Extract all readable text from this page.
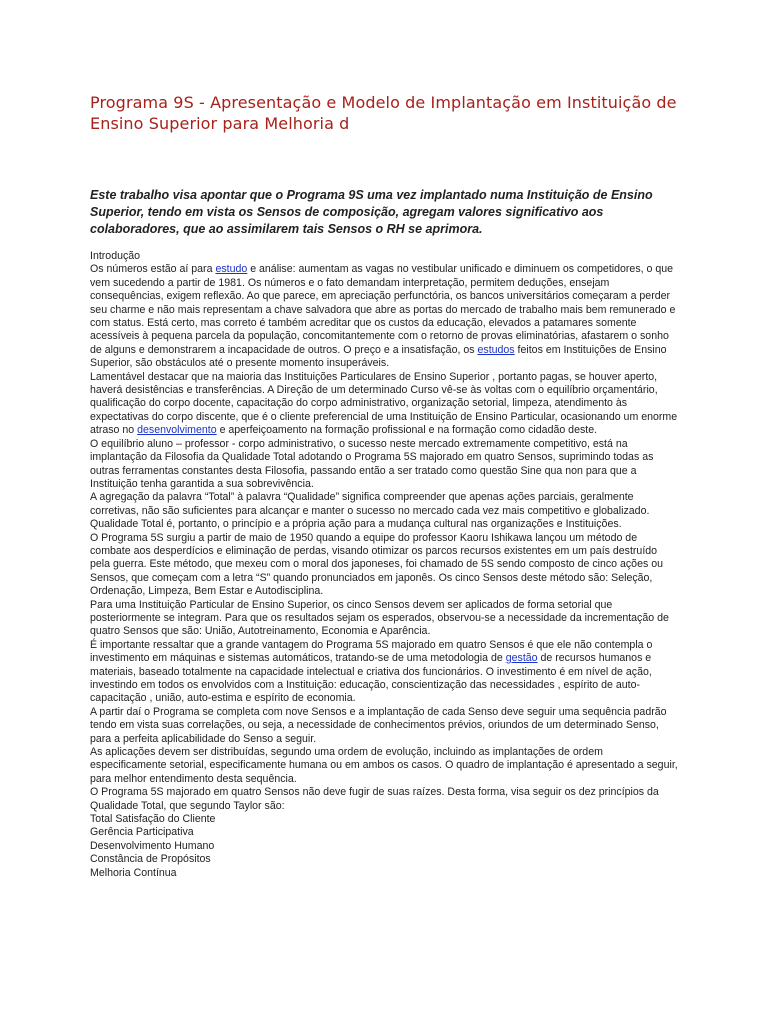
Programa 9S - Apresentação e Modelo de Implantação em Instituição de Ensino Superior para Melhoria d

Este trabalho visa apontar que o Programa 9S uma vez implantado numa Instituição de Ensino Superior, tendo em vista os Sensos de composição, agregam valores significativo aos colaboradores, que ao assimilarem tais Sensos o RH se aprimora.

Introdução

Os números estão aí para estudo e análise: aumentam as vagas no vestibular unificado e diminuem os competidores, o que vem sucedendo a partir de 1981. Os números e o fato demandam interpretação, permitem deduções, ensejam consequências, exigem reflexão. Ao que parece, em apreciação perfunctória, os bancos universitários começaram a perder seu charme e não mais representam a chave salvadora que abre as portas do mercado de trabalho mais bem remunerado e com status. Está certo, mas correto é também acreditar que os custos da educação, elevados a patamares somente acessíveis à pequena parcela da população, concomitantemente com o retorno de provas eliminatórias, afastarem o sonho de alguns e demonstrarem a incapacidade de outros. O preço e a insatisfação, os estudos feitos em Instituições de Ensino Superior, são obstáculos até o presente momento insuperáveis.

Lamentável destacar que na maioria das Instituições Particulares de Ensino Superior , portanto pagas, se houver aperto, haverá desistências e transferências. A Direção de um determinado Curso vê-se às voltas com o equilíbrio orçamentário, qualificação do corpo docente, capacitação do corpo administrativo, organização setorial, limpeza, atendimento às expectativas do corpo discente, que é o cliente preferencial de uma Instituição de Ensino Particular, ocasionando um enorme atraso no desenvolvimento e aperfeiçoamento na formação profissional e na formação como cidadão deste.

O equilíbrio aluno – professor - corpo administrativo, o sucesso neste mercado extremamente competitivo, está na implantação da Filosofia da Qualidade Total adotando o Programa 5S majorado em quatro Sensos, suprimindo todas as outras ferramentas constantes desta Filosofia, passando então a ser tratado como questão Sine qua non para que a Instituição tenha garantida a sua sobrevivência.

A agregação da palavra “Total” à palavra “Qualidade” significa compreender que apenas ações parciais, geralmente corretivas, não são suficientes para alcançar e manter o sucesso no mercado cada vez mais competitivo e globalizado. Qualidade Total é, portanto, o princípio e a própria ação para a mudança cultural nas organizações e Instituições.

O Programa 5S surgiu a partir de maio de 1950 quando a equipe do professor Kaoru Ishikawa lançou um método de combate aos desperdícios e eliminação de perdas, visando otimizar os parcos recursos existentes em um país destruído pela guerra. Este método, que mexeu com o moral dos japoneses, foi chamado de 5S sendo composto de cinco ações ou Sensos, que começam com a letra “S” quando pronunciados em japonês. Os cinco Sensos deste método são: Seleção, Ordenação, Limpeza, Bem Estar e Autodisciplina.

Para uma Instituição Particular de Ensino Superior, os cinco Sensos devem ser aplicados de forma setorial que posteriormente se integram. Para que os resultados sejam os esperados, observou-se a necessidade da incrementação de quatro Sensos que são: União, Autotreinamento, Economia e Aparência.

É importante ressaltar que a grande vantagem do Programa 5S majorado em quatro Sensos é que ele não contempla o investimento em máquinas e sistemas automáticos, tratando-se de uma metodologia de gestão de recursos humanos e materiais, baseado totalmente na capacidade intelectual e criativa dos funcionários. O investimento é em nível de ação, investindo em todos os envolvidos com a Instituição: educação, conscientização das necessidades , espírito de auto- capacitação , união, auto-estima e espírito de economia.

A partir daí o Programa se completa com nove Sensos e a implantação de cada Senso deve seguir uma sequência padrão tendo em vista suas correlações, ou seja, a necessidade de conhecimentos prévios, oriundos de um determinado Senso, para a perfeita aplicabilidade do Senso a seguir.

As aplicações devem ser distribuídas, segundo uma ordem de evolução, incluindo as implantações de ordem especificamente setorial, especificamente humana ou em ambos os casos. O quadro de implantação é apresentado a seguir, para melhor entendimento desta sequência.

O Programa 5S majorado em quatro Sensos não deve fugir de suas raízes. Desta forma, visa seguir os dez princípios da Qualidade Total, que segundo Taylor são:

Total Satisfação do Cliente

Gerência Participativa

Desenvolvimento Humano

Constância de Propósitos

Melhoria Contínua
